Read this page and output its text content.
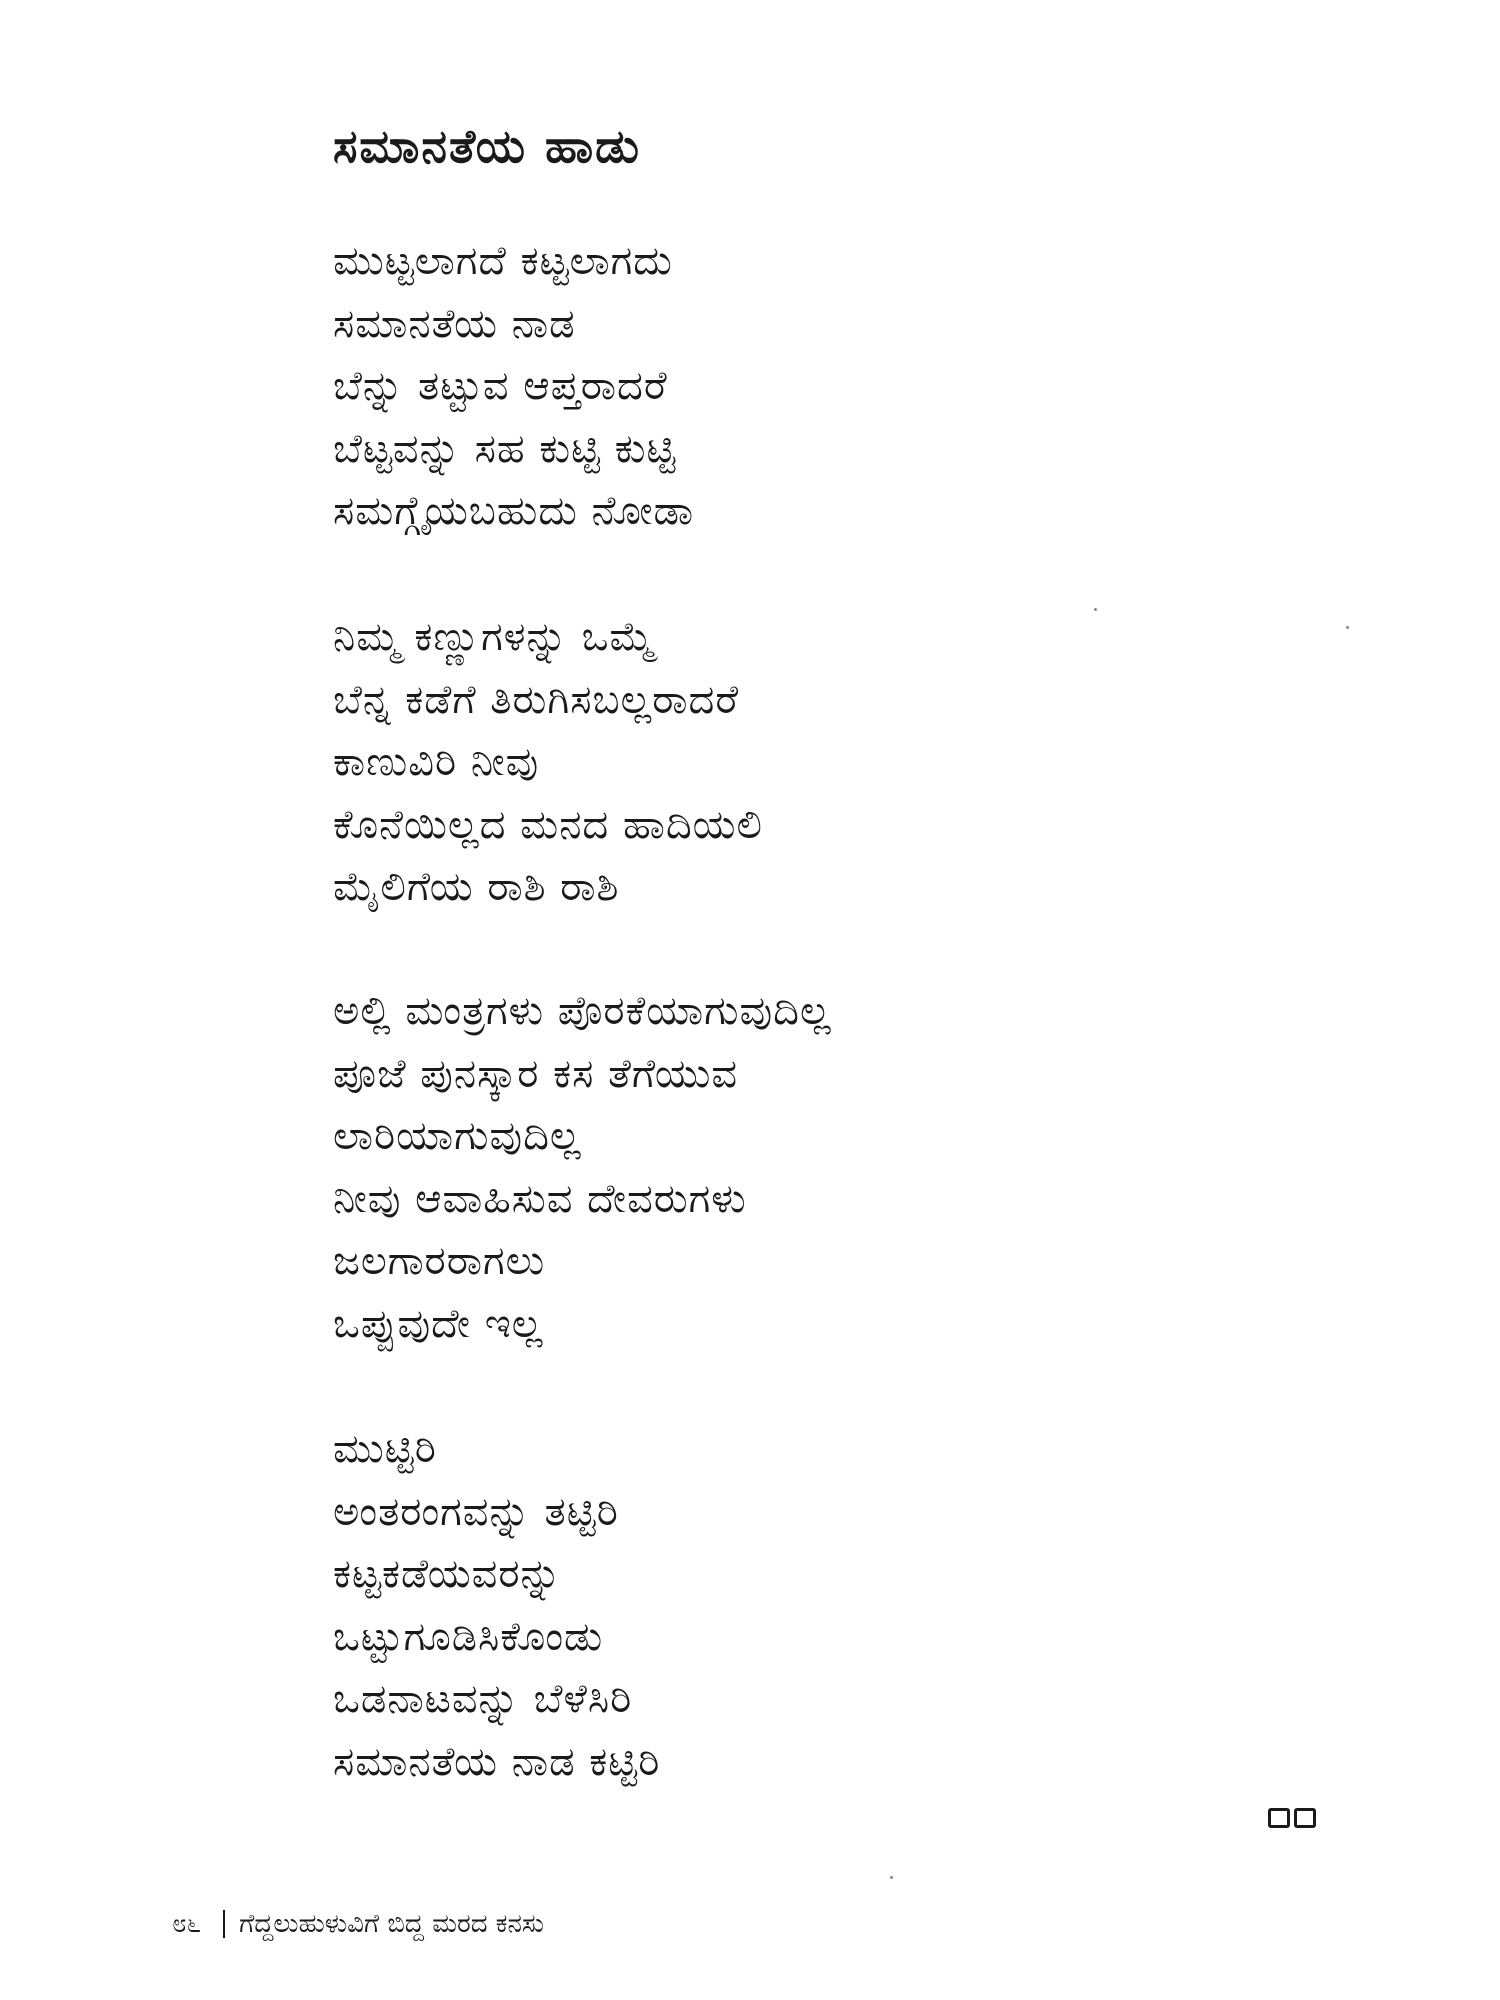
ಸಮಾನತೆಯ ಹಾಡು
ಮುಟ್ಟಲಾಗದೆ ಕಟ್ಟಲಾಗದು
ಸಮಾನತೆಯ ನಾಡ
ಬೆನ್ನು ತಟ್ಟುವ ಆಪ್ತರಾದರೆ
ಬೆಟ್ಟವನ್ನು ಸಹ ಕುಟ್ಟಿ ಕುಟ್ಟಿ
ಸಮಗ್ಗೈಯಬಹುದು ನೋಡಾ
ನಿಮ್ಮ ಕಣ್ಣುಗಳನ್ನು ಒಮ್ಮೆ
ಬೆನ್ನ ಕಡೆಗೆ ತಿರುಗಿಸಬಲ್ಲರಾದರೆ
ಕಾಣುವಿರಿ ನೀವು
ಕೊನೆಯಿಲ್ಲದ ಮನದ ಹಾದಿಯಲಿ
ಮೈಲಿಗೆಯ ರಾಶಿ ರಾಶಿ
ಅಲ್ಲಿ ಮಂತ್ರಗಳು ಪೊರಕೆಯಾಗುವುದಿಲ್ಲ
ಪೂಜೆ ಪುನಸ್ಕಾರ ಕಸ ತೆಗೆಯುವ
ಲಾರಿಯಾಗುವುದಿಲ್ಲ
ನೀವು ಆವಾಹಿಸುವ ದೇವರುಗಳು
ಜಲಗಾರರಾಗಲು
ಒಪ್ಪುವುದೇ ಇಲ್ಲ
ಮುಟ್ಟಿರಿ
ಅಂತರಂಗವನ್ನು ತಟ್ಟಿರಿ
ಕಟ್ಟಕಡೆಯವರನ್ನು
ಒಟ್ಟುಗೂಡಿಸಿಕೊಂಡು
ಒಡನಾಟವನ್ನು ಬೆಳೆಸಿರಿ
ಸಮಾನತೆಯ ನಾಡ ಕಟ್ಟಿರಿ
೮೬ ಗೆದ್ದಲುಹುಳುವಿಗೆ ಬಿದ್ದ ಮರದ ಕನಸು
